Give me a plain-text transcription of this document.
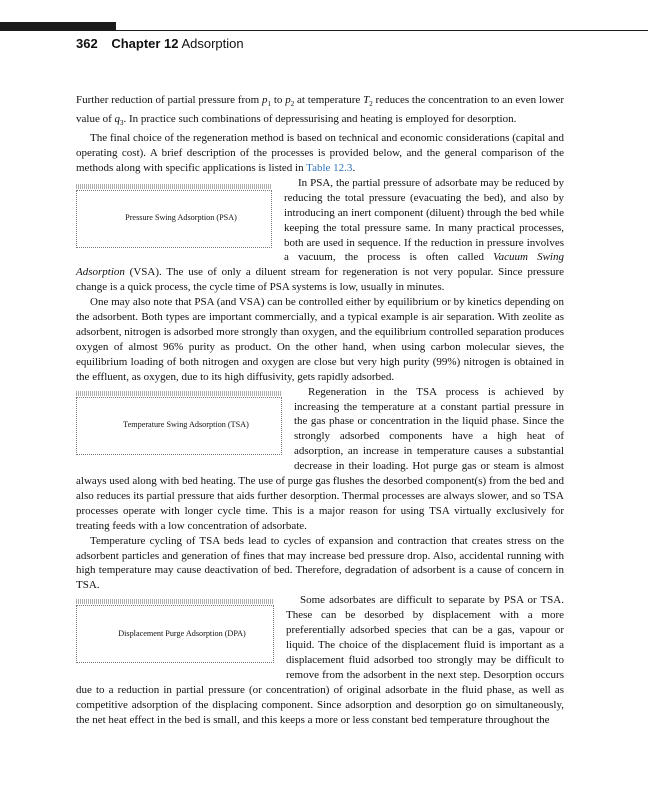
362 Chapter 12 Adsorption

Further reduction of partial pressure from $p_1$ to $p_2$ at temperature $T_2$ reduces the concentration to an even lower value of $q_3$. In practice such combinations of depressurising and heating is employed for desorption.

The final choice of the regeneration method is based on technical and economic considerations (capital and operating cost). A brief description of the processes is provided below, and the general comparison of the methods along with specific applications is listed in Table 12.3.

Pressure Swing Adsorption (PSA)
In PSA, the partial pressure of adsorbate may be reduced by reducing the total pressure (evacuating the bed), and also by introducing an inert component (diluent) through the bed while keeping the total pressure same. In many practical processes, both are used in sequence. If the reduction in pressure involves a vacuum, the process is often called Vacuum Swing Adsorption (VSA). The use of only a diluent stream for regeneration is not very popular. Since pressure change is a quick process, the cycle time of PSA systems is low, usually in minutes.

One may also note that PSA (and VSA) can be controlled either by equilibrium or by kinetics depending on the adsorbent. Both types are important commercially, and a typical example is air separation. With zeolite as adsorbent, nitrogen is adsorbed more strongly than oxygen, and the equilibrium controlled separation produces oxygen of almost 96% purity as product. On the other hand, when using carbon molecular sieves, the equilibrium loading of both nitrogen and oxygen are close but very high purity (99%) nitrogen is obtained in the effluent, as oxygen, due to its high diffusivity, gets rapidly adsorbed.

Temperature Swing Adsorption (TSA)
Regeneration in the TSA process is achieved by increasing the temperature at a constant partial pressure in the gas phase or concentration in the liquid phase. Since the strongly adsorbed components have a high heat of adsorption, an increase in temperature causes a substantial decrease in their loading. Hot purge gas or steam is almost always used along with bed heating. The use of purge gas flushes the desorbed component(s) from the bed and also reduces its partial pressure that aids further desorption. Thermal processes are always slower, and so TSA processes operate with longer cycle time. This is a major reason for using TSA virtually exclusively for treating feeds with a low concentration of adsorbate.

Temperature cycling of TSA beds lead to cycles of expansion and contraction that creates stress on the adsorbent particles and generation of fines that may increase bed pressure drop. Also, accidental running with high temperature may cause deactivation of bed. Therefore, degradation of adsorbent is a cause of concern in TSA.

Displacement Purge Adsorption (DPA)
Some adsorbates are difficult to separate by PSA or TSA. These can be desorbed by displacement with a more preferentially adsorbed species that can be a gas, vapour or liquid. The choice of the displacement fluid is important as a displacement fluid adsorbed too strongly may be difficult to remove from the adsorbent in the next step. Desorption occurs due to a reduction in partial pressure (or concentration) of original adsorbate in the fluid phase, as well as competitive adsorption of the displacing component. Since adsorption and desorption go on simultaneously, the net heat effect in the bed is small, and this keeps a more or less constant bed temperature throughout the
